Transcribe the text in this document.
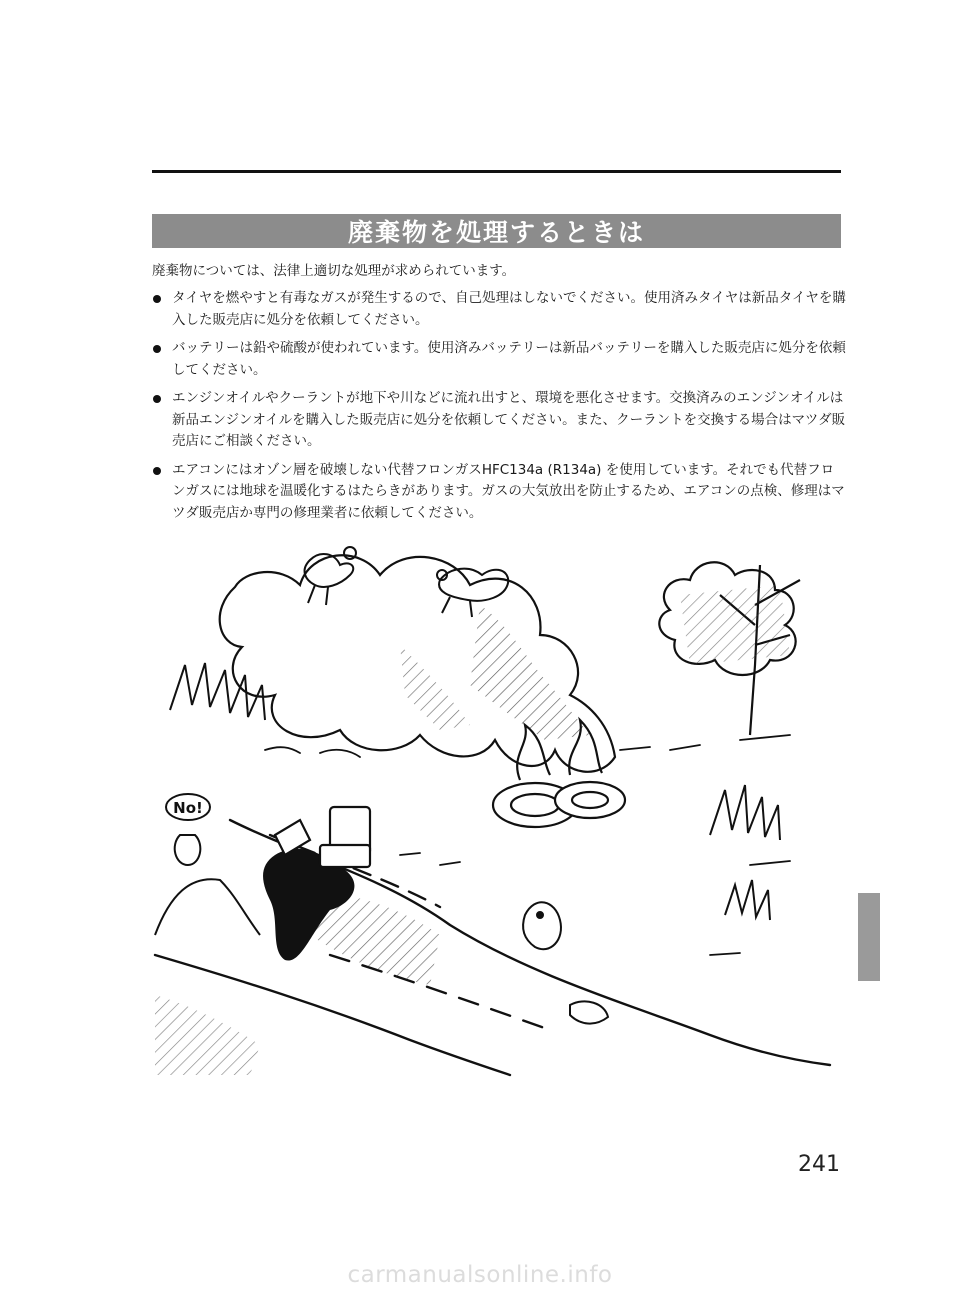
廃棄物を処理するときは
廃棄物については、法律上適切な処理が求められています。
タイヤを燃やすと有毒なガスが発生するので、自己処理はしないでください。使用済みタイヤは新品タイヤを購入した販売店に処分を依頼してください。
バッテリーは鉛や硫酸が使われています。使用済みバッテリーは新品バッテリーを購入した販売店に処分を依頼してください。
エンジンオイルやクーラントが地下や川などに流れ出すと、環境を悪化させます。交換済みのエンジンオイルは新品エンジンオイルを購入した販売店に処分を依頼してください。また、クーラントを交換する場合はマツダ販売店にご相談ください。
エアコンにはオゾン層を破壊しない代替フロンガスHFC134a (R134a) を使用しています。それでも代替フロンガスには地球を温暖化するはたらきがあります。ガスの大気放出を防止するため、エアコンの点検、修理はマツダ販売店か専門の修理業者に依頼してください。
No!
241
carmanualsonline.info
